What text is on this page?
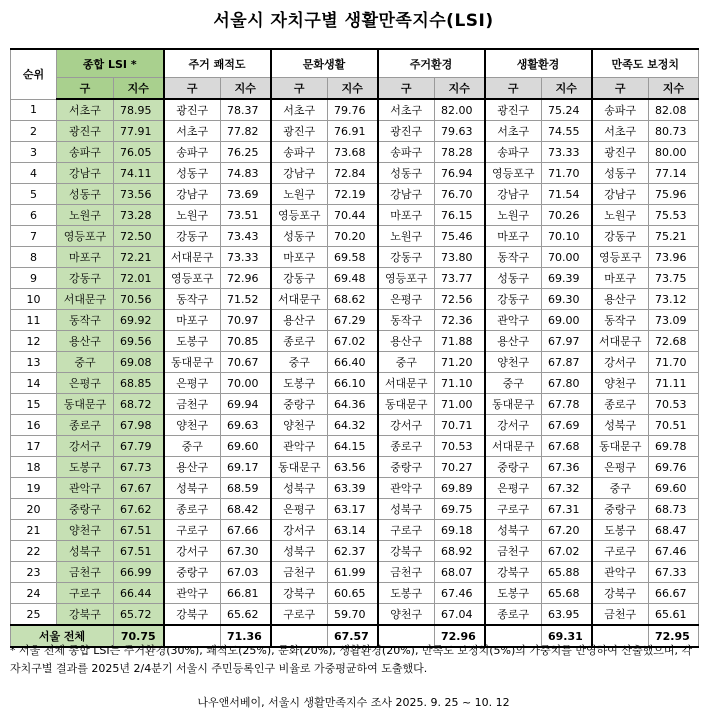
서울시 자치구별 생활만족지수(LSI)
순위	종합 LSI *		주거 쾌적도		문화생활		주거환경		생활환경		만족도 보정치	
	구	지수	구	지수	구	지수	구	지수	구	지수	구	지수
1	서초구	78.95	광진구	78.37	서초구	79.76	서초구	82.00	광진구	75.24	송파구	82.08
2	광진구	77.91	서초구	77.82	광진구	76.91	광진구	79.63	서초구	74.55	서초구	80.73
3	송파구	76.05	송파구	76.25	송파구	73.68	송파구	78.28	송파구	73.33	광진구	80.00
4	강남구	74.11	성동구	74.83	강남구	72.84	성동구	76.94	영등포구	71.70	성동구	77.14
5	성동구	73.56	강남구	73.69	노원구	72.19	강남구	76.70	강남구	71.54	강남구	75.96
6	노원구	73.28	노원구	73.51	영등포구	70.44	마포구	76.15	노원구	70.26	노원구	75.53
7	영등포구	72.50	강동구	73.43	성동구	70.20	노원구	75.46	마포구	70.10	강동구	75.21
8	마포구	72.21	서대문구	73.33	마포구	69.58	강동구	73.80	동작구	70.00	영등포구	73.96
9	강동구	72.01	영등포구	72.96	강동구	69.48	영등포구	73.77	성동구	69.39	마포구	73.75
10	서대문구	70.56	동작구	71.52	서대문구	68.62	은평구	72.56	강동구	69.30	용산구	73.12
11	동작구	69.92	마포구	70.97	용산구	67.29	동작구	72.36	관악구	69.00	동작구	73.09
12	용산구	69.56	도봉구	70.85	종로구	67.02	용산구	71.88	용산구	67.97	서대문구	72.68
13	중구	69.08	동대문구	70.67	중구	66.40	중구	71.20	양천구	67.87	강서구	71.70
14	은평구	68.85	은평구	70.00	도봉구	66.10	서대문구	71.10	중구	67.80	양천구	71.11
15	동대문구	68.72	금천구	69.94	중랑구	64.36	동대문구	71.00	동대문구	67.78	종로구	70.53
16	종로구	67.98	양천구	69.63	양천구	64.32	강서구	70.71	강서구	67.69	성북구	70.51
17	강서구	67.79	중구	69.60	관악구	64.15	종로구	70.53	서대문구	67.68	동대문구	69.78
18	도봉구	67.73	용산구	69.17	동대문구	63.56	중랑구	70.27	중랑구	67.36	은평구	69.76
19	관악구	67.67	성북구	68.59	성북구	63.39	관악구	69.89	은평구	67.32	중구	69.60
20	중랑구	67.62	종로구	68.42	은평구	63.17	성북구	69.75	구로구	67.31	중랑구	68.73
21	양천구	67.51	구로구	67.66	강서구	63.14	구로구	69.18	성북구	67.20	도봉구	68.47
22	성북구	67.51	강서구	67.30	성북구	62.37	강북구	68.92	금천구	67.02	구로구	67.46
23	금천구	66.99	중랑구	67.03	금천구	61.99	금천구	68.07	강북구	65.88	관악구	67.33
24	구로구	66.44	관악구	66.81	강북구	60.65	도봉구	67.46	도봉구	65.68	강북구	66.67
25	강북구	65.72	강북구	65.62	구로구	59.70	양천구	67.04	종로구	63.95	금천구	65.61
서울 전체		70.75		71.36		67.57		72.96		69.31		72.95
* 서울 전체 종합 LSI는 주거환경(30%), 쾌적도(25%), 문화(20%), 생활환경(20%), 만족도 보정치(5%)의 가중치를 반영하여 산출했으며, 각 자치구별 결과를 2025년 2/4분기 서울시 주민등록인구 비율로 가중평균하여 도출했다.
나우앤서베이, 서울시 생활만족지수 조사 2025. 9. 25 ~ 10. 12
